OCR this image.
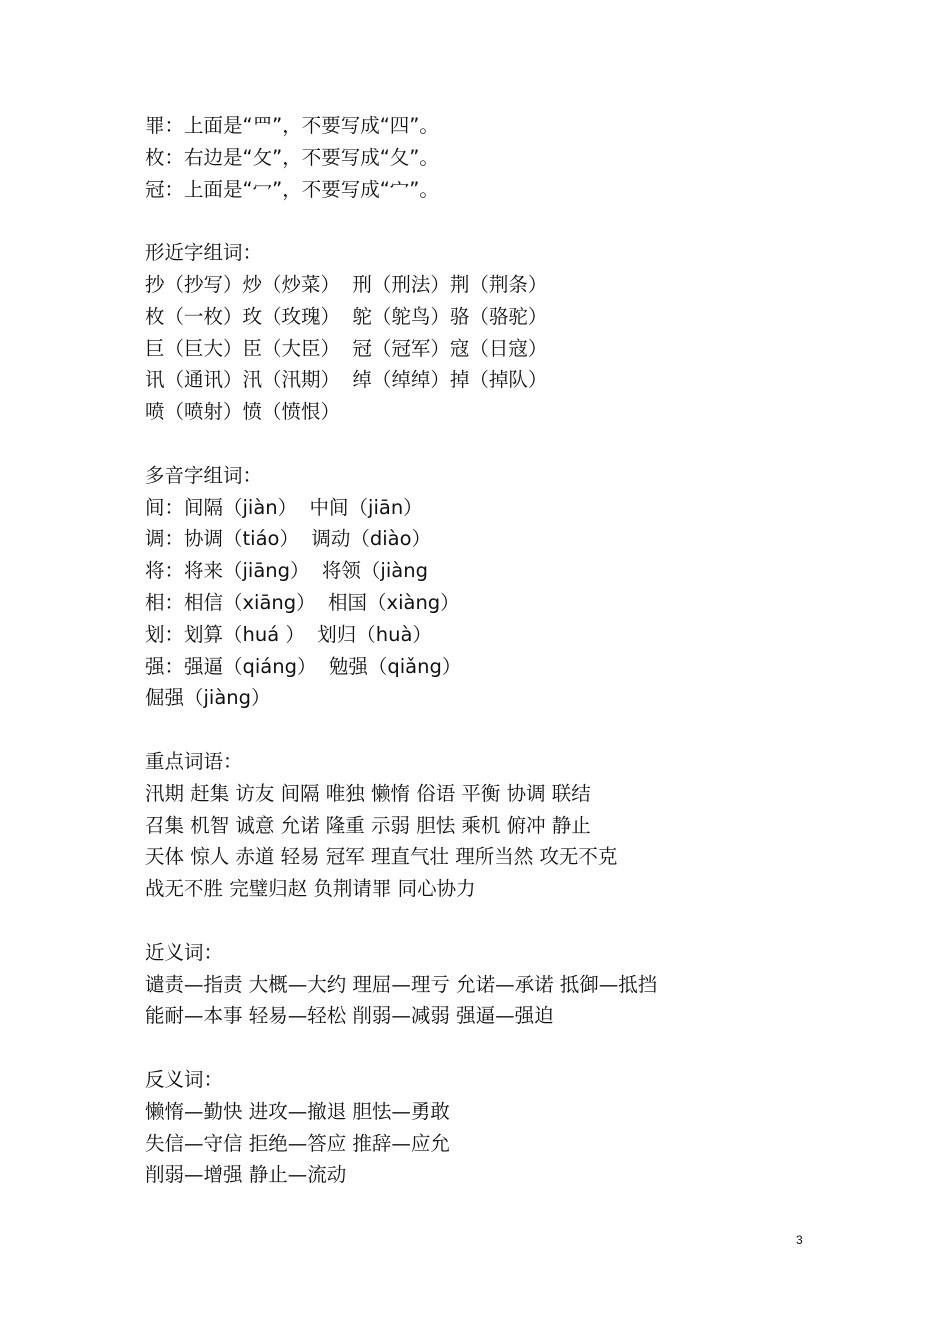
罪：上面是“罒”，不要写成“四”。
枚：右边是“攵”，不要写成“夂”。
冠：上面是“冖”，不要写成“宀”。
形近字组词：
抄（抄写）炒（炒菜）  刑（刑法）荆（荆条）
枚（一枚）玫（玫瑰）  鸵（鸵鸟）骆（骆驼）
巨（巨大）臣（大臣）  冠（冠军）寇（日寇）
讯（通讯）汛（汛期）  绰（绰绰）掉（掉队）
喷（喷射）愤（愤恨）
多音字组词：
间：间隔（jiàn）  中间（jiān）
调：协调（tiáo）  调动（diào）
将：将来（jiāng）  将领（jiàng
相：相信（xiāng）  相国（xiàng）
划：划算（huá ）  划归（huà）
强：强逼（qiáng）  勉强（qiǎng）
倔强（jiàng）
重点词语：
汛期 赶集 访友 间隔 唯独 懒惰 俗语 平衡 协调 联结
召集 机智 诚意 允诺 隆重 示弱 胆怯 乘机 俯冲 静止
天体 惊人 赤道 轻易 冠军 理直气壮 理所当然 攻无不克
战无不胜 完璧归赵 负荆请罪 同心协力
近义词：
谴责—指责 大概—大约 理屈—理亏 允诺—承诺 抵御—抵挡
能耐—本事 轻易—轻松 削弱—减弱 强逼—强迫
反义词：
懒惰—勤快 进攻—撤退 胆怯—勇敢
失信—守信 拒绝—答应 推辞—应允
削弱—增强 静止—流动
3
